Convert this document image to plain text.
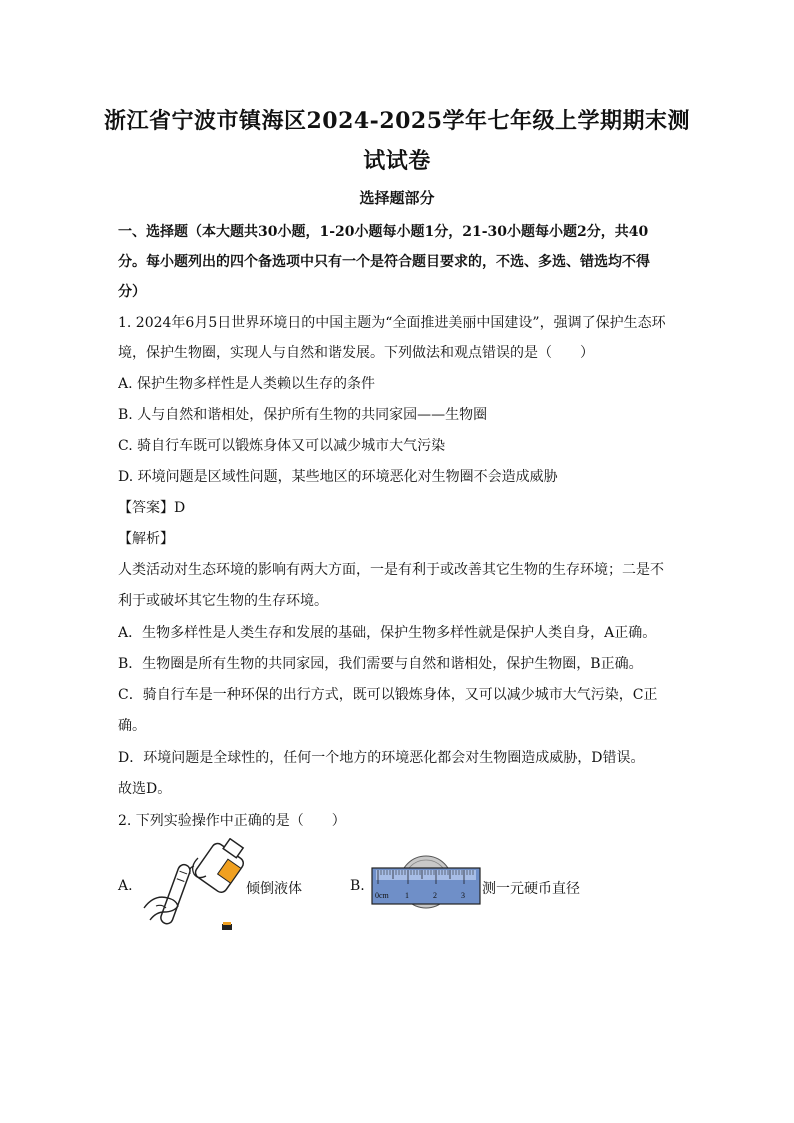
浙江省宁波市镇海区2024-2025学年七年级上学期期末测
试试卷
选择题部分
一、选择题（本大题共30小题，1-20小题每小题1分，21-30小题每小题2分，共40
分。每小题列出的四个备选项中只有一个是符合题目要求的，不选、多选、错选均不得
分）
1. 2024年6月5日世界环境日的中国主题为“全面推进美丽中国建设”，强调了保护生态环
境，保护生物圈，实现人与自然和谐发展。下列做法和观点错误的是（　　）
A. 保护生物多样性是人类赖以生存的条件
B. 人与自然和谐相处，保护所有生物的共同家园——生物圈
C. 骑自行车既可以锻炼身体又可以减少城市大气污染
D. 环境问题是区域性问题，某些地区的环境恶化对生物圈不会造成威胁
【答案】D
【解析】
人类活动对生态环境的影响有两大方面，一是有利于或改善其它生物的生存环境；二是不
利于或破坏其它生物的生存环境。
A．生物多样性是人类生存和发展的基础，保护生物多样性就是保护人类自身，A正确。
B．生物圈是所有生物的共同家园，我们需要与自然和谐相处，保护生物圈，B正确。
C．骑自行车是一种环保的出行方式，既可以锻炼身体，又可以减少城市大气污染，C正
确。
D．环境问题是全球性的，任何一个地方的环境恶化都会对生物圈造成威胁，D错误。
故选D。
2. 下列实验操作中正确的是（　　）
A.	倾倒液体	B.
0cm 1	2	3 测一元硬币直径
